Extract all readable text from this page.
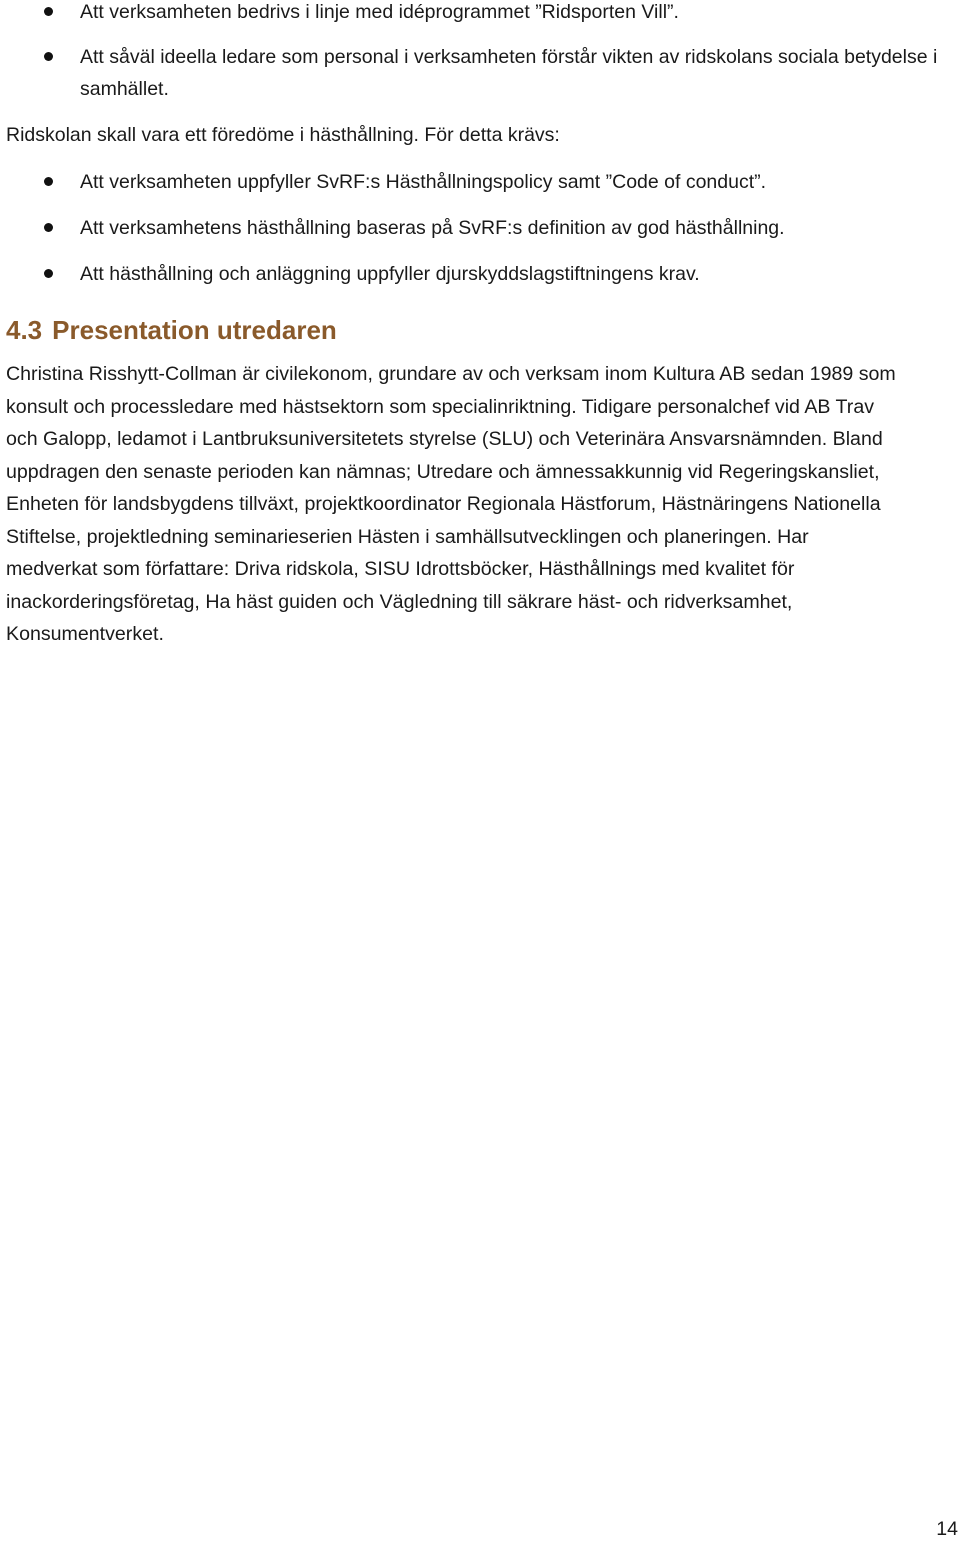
Att verksamheten bedrivs i linje med idéprogrammet ”Ridsporten Vill”.
Att såväl ideella ledare som personal i verksamheten förstår vikten av ridskolans sociala betydelse i samhället.
Ridskolan skall vara ett föredöme i hästhållning. För detta krävs:
Att verksamheten uppfyller SvRF:s Hästhållningspolicy samt ”Code of conduct”.
Att verksamhetens hästhållning baseras på SvRF:s definition av god hästhållning.
Att hästhållning och anläggning uppfyller djurskyddslagstiftningens krav.
4.3 Presentation utredaren
Christina Risshytt-Collman är civilekonom, grundare av och verksam inom Kultura AB sedan 1989 som
konsult och processledare med hästsektorn som specialinriktning. Tidigare personalchef vid AB Trav
och Galopp, ledamot i Lantbruksuniversitetets styrelse (SLU) och Veterinära Ansvarsnämnden. Bland
uppdragen den senaste perioden kan nämnas; Utredare och ämnessakkunnig vid Regeringskansliet,
Enheten för landsbygdens tillväxt, projektkoordinator Regionala Hästforum, Hästnäringens Nationella
Stiftelse, projektledning seminarieserien Hästen i samhällsutvecklingen och planeringen. Har
medverkat som författare: Driva ridskola, SISU Idrottsböcker, Hästhållnings med kvalitet för
inackorderingsföretag, Ha häst guiden och Vägledning till säkrare häst- och ridverksamhet,
Konsumentverket.
14
